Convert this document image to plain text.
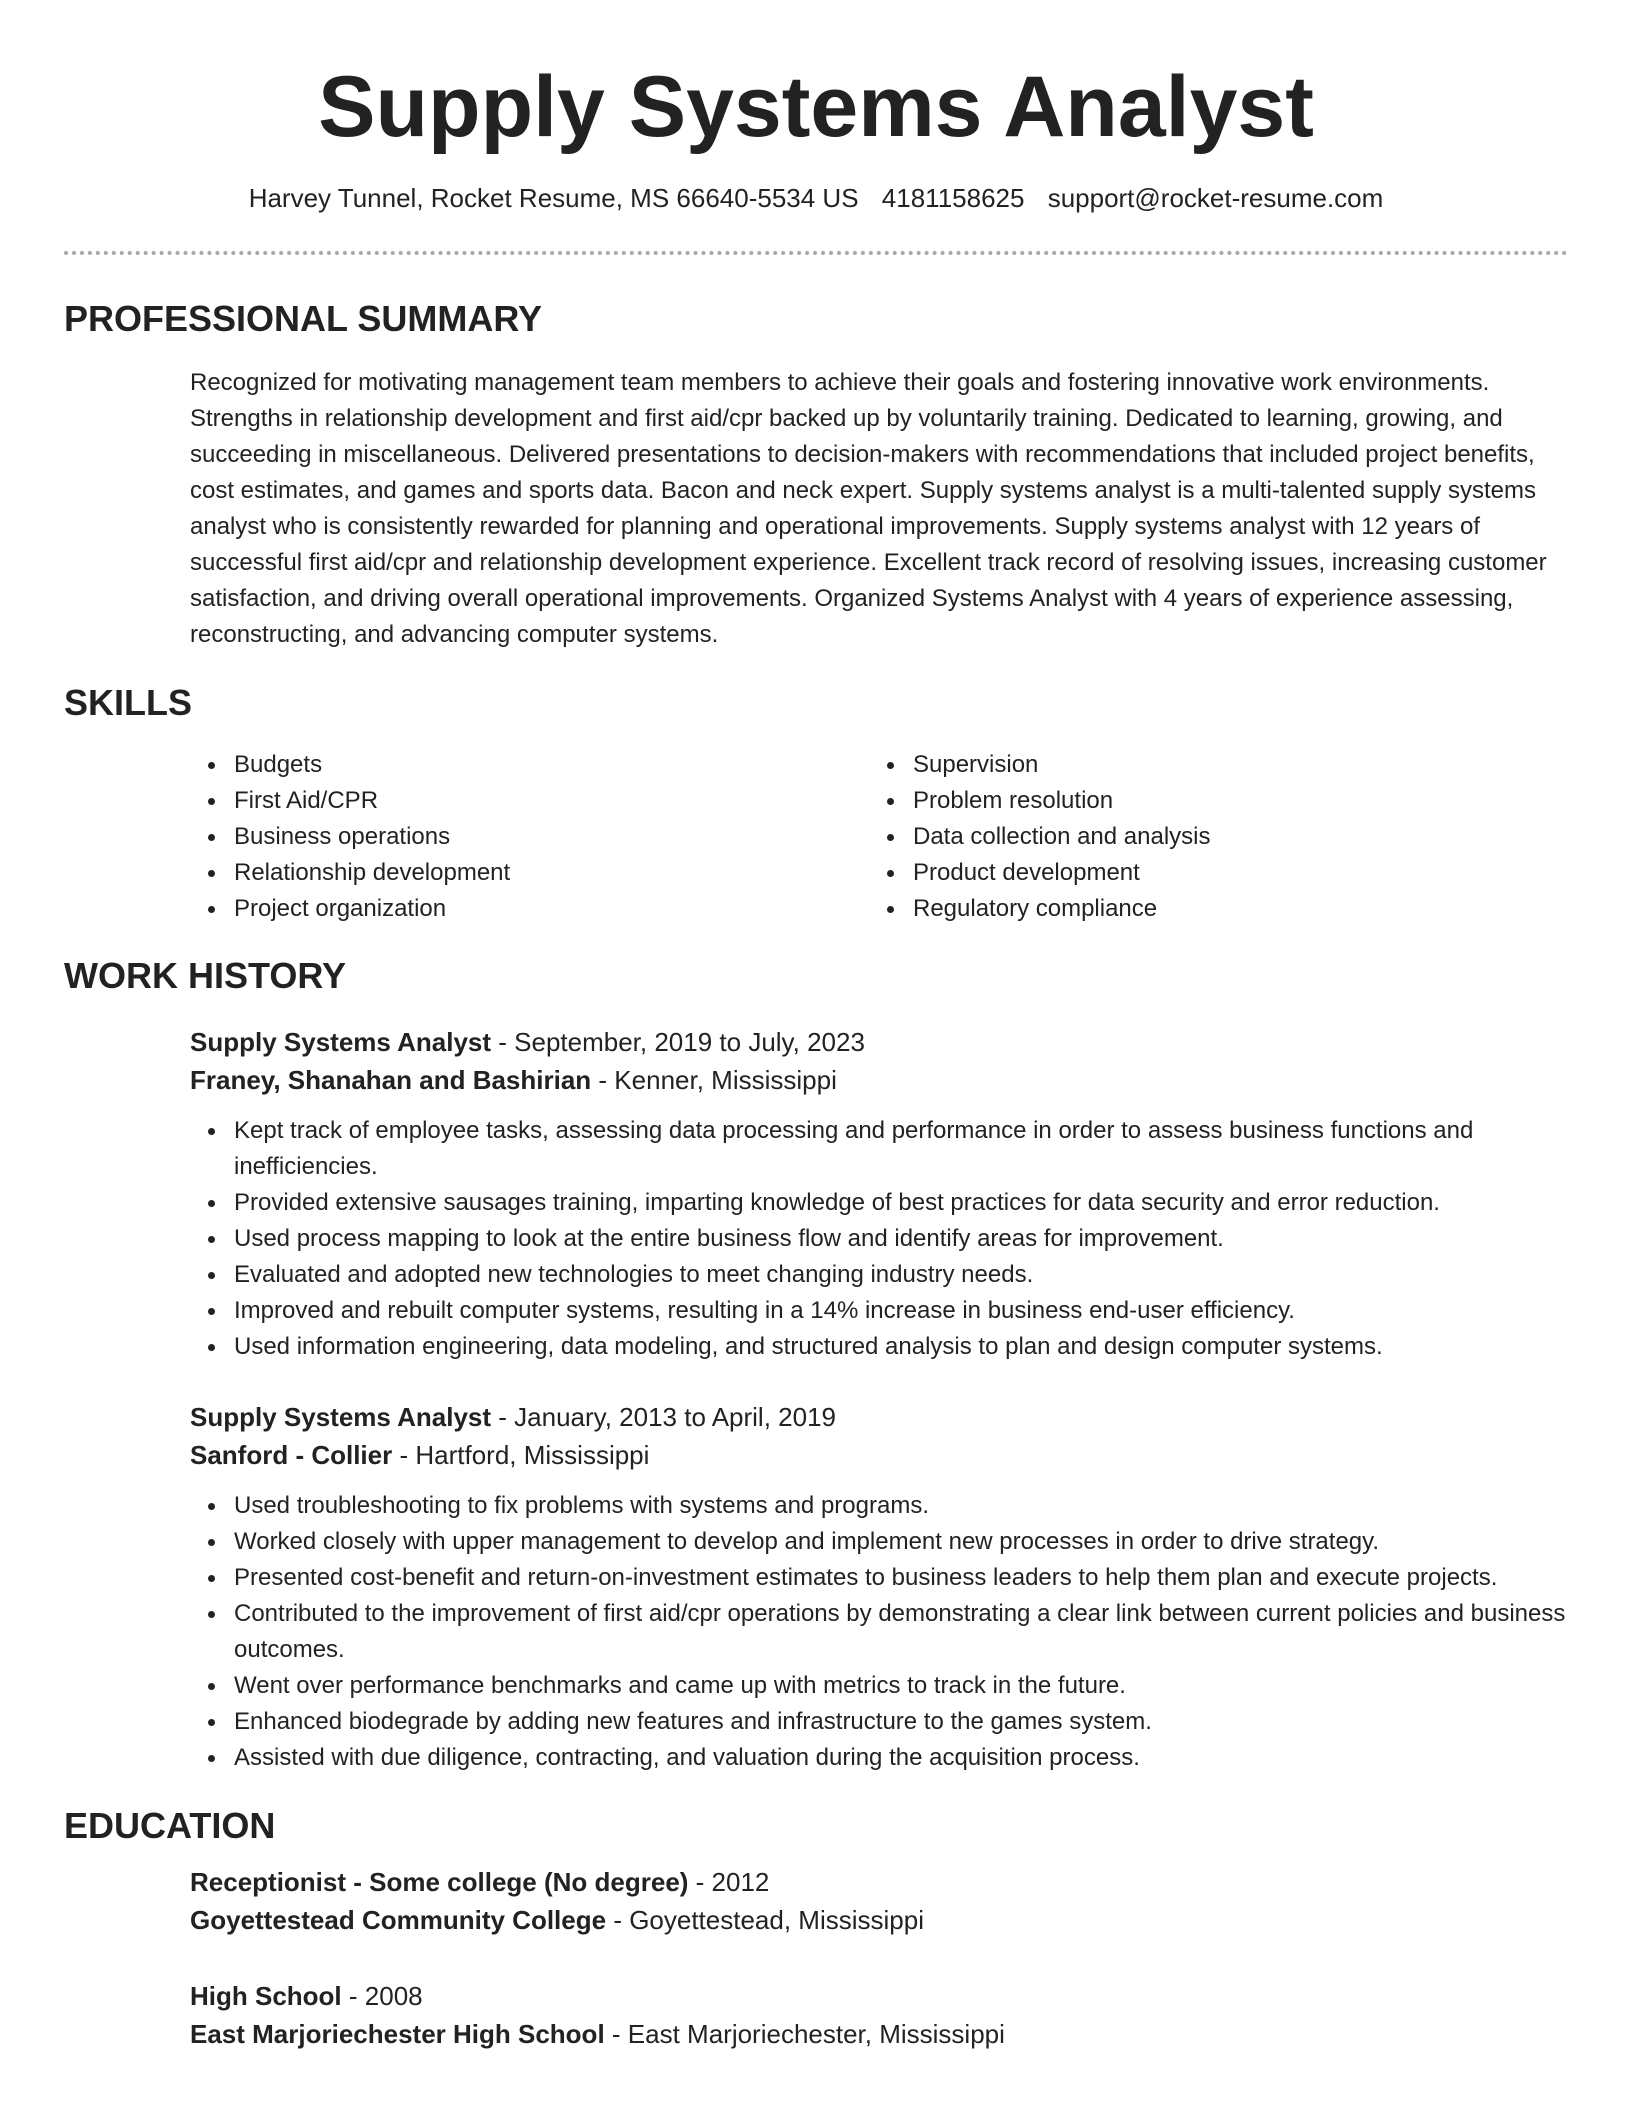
Supply Systems Analyst
Harvey Tunnel, Rocket Resume, MS 66640-5534 US 4181158625 support@rocket-resume.com
PROFESSIONAL SUMMARY

Recognized for motivating management team members to achieve their goals and fostering innovative work environments. Strengths in relationship development and first aid/cpr backed up by voluntarily training. Dedicated to learning, growing, and succeeding in miscellaneous. Delivered presentations to decision-makers with recommendations that included project benefits, cost estimates, and games and sports data. Bacon and neck expert. Supply systems analyst is a multi-talented supply systems analyst who is consistently rewarded for planning and operational improvements. Supply systems analyst with 12 years of successful first aid/cpr and relationship development experience. Excellent track record of resolving issues, increasing customer satisfaction, and driving overall operational improvements. Organized Systems Analyst with 4 years of experience assessing, reconstructing, and advancing computer systems.

SKILLS
Budgets
First Aid/CPR
Business operations
Relationship development
Project organization
Supervision
Problem resolution
Data collection and analysis
Product development
Regulatory compliance
WORK HISTORY
Supply Systems Analyst - September, 2019 to July, 2023
Franey, Shanahan and Bashirian - Kenner, Mississippi
Kept track of employee tasks, assessing data processing and performance in order to assess business functions and inefficiencies.
Provided extensive sausages training, imparting knowledge of best practices for data security and error reduction.
Used process mapping to look at the entire business flow and identify areas for improvement.
Evaluated and adopted new technologies to meet changing industry needs.
Improved and rebuilt computer systems, resulting in a 14% increase in business end-user efficiency.
Used information engineering, data modeling, and structured analysis to plan and design computer systems.
Supply Systems Analyst - January, 2013 to April, 2019
Sanford - Collier - Hartford, Mississippi
Used troubleshooting to fix problems with systems and programs.
Worked closely with upper management to develop and implement new processes in order to drive strategy.
Presented cost-benefit and return-on-investment estimates to business leaders to help them plan and execute projects.
Contributed to the improvement of first aid/cpr operations by demonstrating a clear link between current policies and business outcomes.
Went over performance benchmarks and came up with metrics to track in the future.
Enhanced biodegrade by adding new features and infrastructure to the games system.
Assisted with due diligence, contracting, and valuation during the acquisition process.
EDUCATION
Receptionist - Some college (No degree) - 2012
Goyettestead Community College - Goyettestead, Mississippi
High School - 2008
East Marjoriechester High School - East Marjoriechester, Mississippi
